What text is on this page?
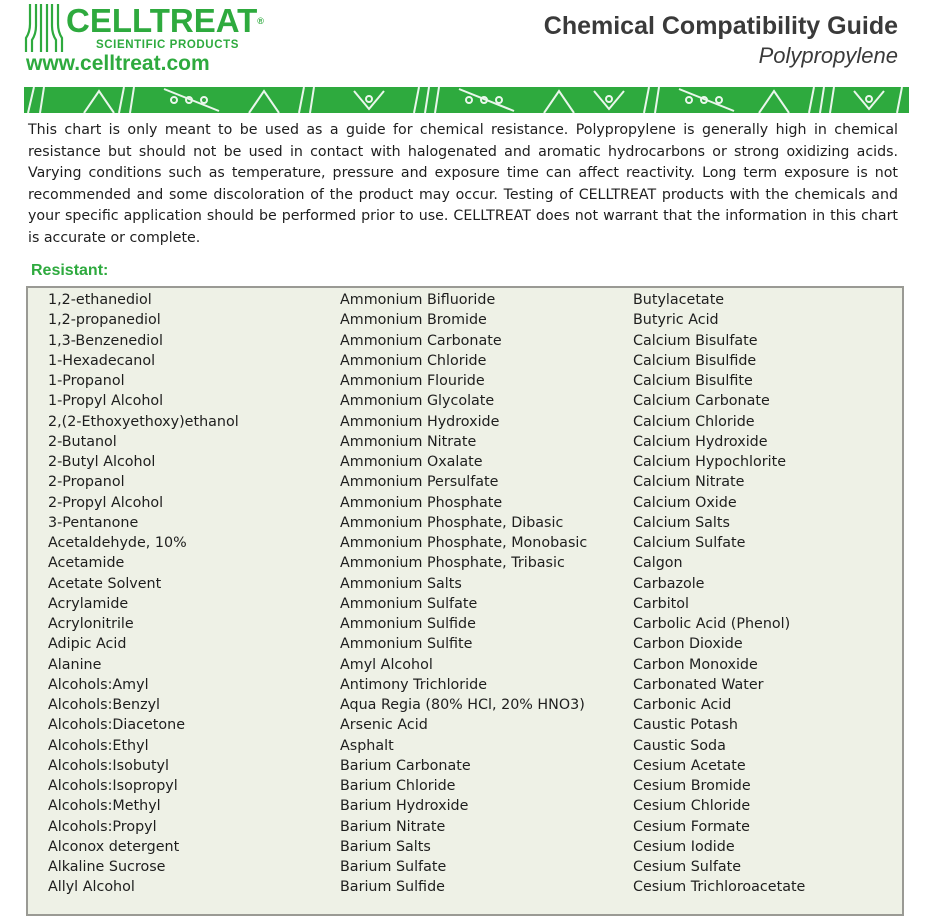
CELLTREAT®
SCIENTIFIC PRODUCTS
www.celltreat.com
Chemical Compatibility Guide
Polypropylene
This chart is only meant to be used as a guide for chemical resistance. Polypropylene is generally high in chemical resistance but should not be used in contact with halogenated and aromatic hydrocarbons or strong oxidizing acids. Varying conditions such as temperature, pressure and exposure time can affect reactivity. Long term exposure is not recommended and some discoloration of the product may occur. Testing of CELLTREAT products with the chemicals and your specific application should be performed prior to use. CELLTREAT does not warrant that the information in this chart is accurate or complete.
Resistant:
1,2-ethanediol
1,2-propanediol
1,3-Benzenediol
1-Hexadecanol
1-Propanol
1-Propyl Alcohol
2,(2-Ethoxyethoxy)ethanol
2-Butanol
2-Butyl Alcohol
2-Propanol
2-Propyl Alcohol
3-Pentanone
Acetaldehyde, 10%
Acetamide
Acetate Solvent
Acrylamide
Acrylonitrile
Adipic Acid
Alanine
Alcohols:Amyl
Alcohols:Benzyl
Alcohols:Diacetone
Alcohols:Ethyl
Alcohols:Isobutyl
Alcohols:Isopropyl
Alcohols:Methyl
Alcohols:Propyl
Alconox detergent
Alkaline Sucrose
Allyl Alcohol
Ammonium Bifluoride
Ammonium Bromide
Ammonium Carbonate
Ammonium Chloride
Ammonium Flouride
Ammonium Glycolate
Ammonium Hydroxide
Ammonium Nitrate
Ammonium Oxalate
Ammonium Persulfate
Ammonium Phosphate
Ammonium Phosphate, Dibasic
Ammonium Phosphate, Monobasic
Ammonium Phosphate, Tribasic
Ammonium Salts
Ammonium Sulfate
Ammonium Sulfide
Ammonium Sulfite
Amyl Alcohol
Antimony Trichloride
Aqua Regia (80% HCl, 20% HNO3)
Arsenic Acid
Asphalt
Barium Carbonate
Barium Chloride
Barium Hydroxide
Barium Nitrate
Barium Salts
Barium Sulfate
Barium Sulfide
Butylacetate
Butyric Acid
Calcium Bisulfate
Calcium Bisulfide
Calcium Bisulfite
Calcium Carbonate
Calcium Chloride
Calcium Hydroxide
Calcium Hypochlorite
Calcium Nitrate
Calcium Oxide
Calcium Salts
Calcium Sulfate
Calgon
Carbazole
Carbitol
Carbolic Acid (Phenol)
Carbon Dioxide
Carbon Monoxide
Carbonated Water
Carbonic Acid
Caustic Potash
Caustic Soda
Cesium Acetate
Cesium Bromide
Cesium Chloride
Cesium Formate
Cesium Iodide
Cesium Sulfate
Cesium Trichloroacetate
